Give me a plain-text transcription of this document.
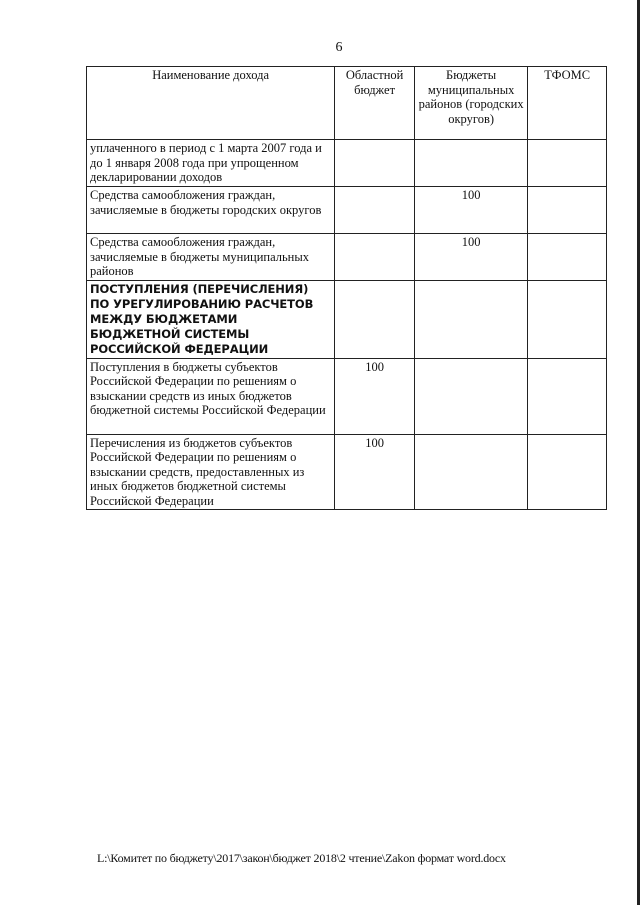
6
Наименование дохода	Областной бюджет	Бюджеты муниципальных районов (городских округов)	ТФОМС
уплаченного в период с 1 марта 2007 года и до 1 января 2008 года при упрощенном декларировании доходов			
Средства самообложения граждан, зачисляемые в бюджеты городских округов		100	
Средства самообложения граждан, зачисляемые в бюджеты муниципальных районов		100	
ПОСТУПЛЕНИЯ (ПЕРЕЧИСЛЕНИЯ) ПО УРЕГУЛИРОВАНИЮ РАСЧЕТОВ МЕЖДУ БЮДЖЕТАМИ БЮДЖЕТНОЙ СИСТЕМЫ РОССИЙСКОЙ ФЕДЕРАЦИИ			
Поступления в бюджеты субъектов Российской Федерации по решениям о взыскании средств из иных бюджетов бюджетной системы Российской Федерации	100		
Перечисления из бюджетов субъектов Российской Федерации по решениям о взыскании средств, предоставленных из иных бюджетов бюджетной системы Российской Федерации	100		
L:\Комитет по бюджету\2017\закон\бюджет 2018\2 чтение\Zakon формат word.docx
